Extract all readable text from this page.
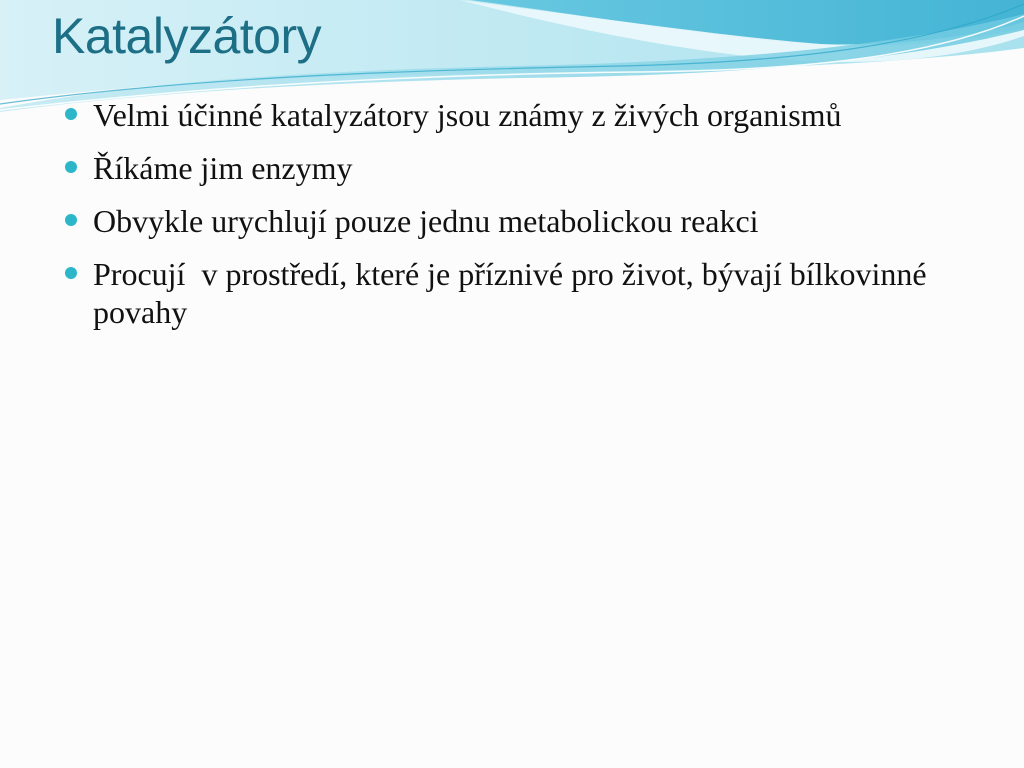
Katalyzátory
Velmi účinné katalyzátory jsou známy z živých organismů
Říkáme jim enzymy
Obvykle urychlují pouze jednu metabolickou reakci
Procují  v prostředí, které je příznivé pro život, bývají bílkovinné povahy
